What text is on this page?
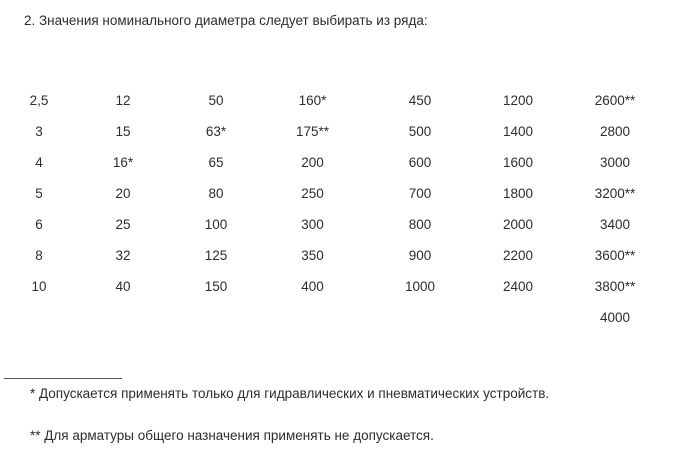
2. Значения номинального диаметра следует выбирать из ряда:

2,5	12	50	160*	450	1200	2600**
3	15	63*	175**	500	1400	2800
4	16*	65	200	600	1600	3000
5	20	80	250	700	1800	3200**
6	25	100	300	800	2000	3400
8	32	125	350	900	2200	3600**
10	40	150	400	1000	2400	3800**
						4000

* Допускается применять только для гидравлических и пневматических устройств.

** Для арматуры общего назначения применять не допускается.
